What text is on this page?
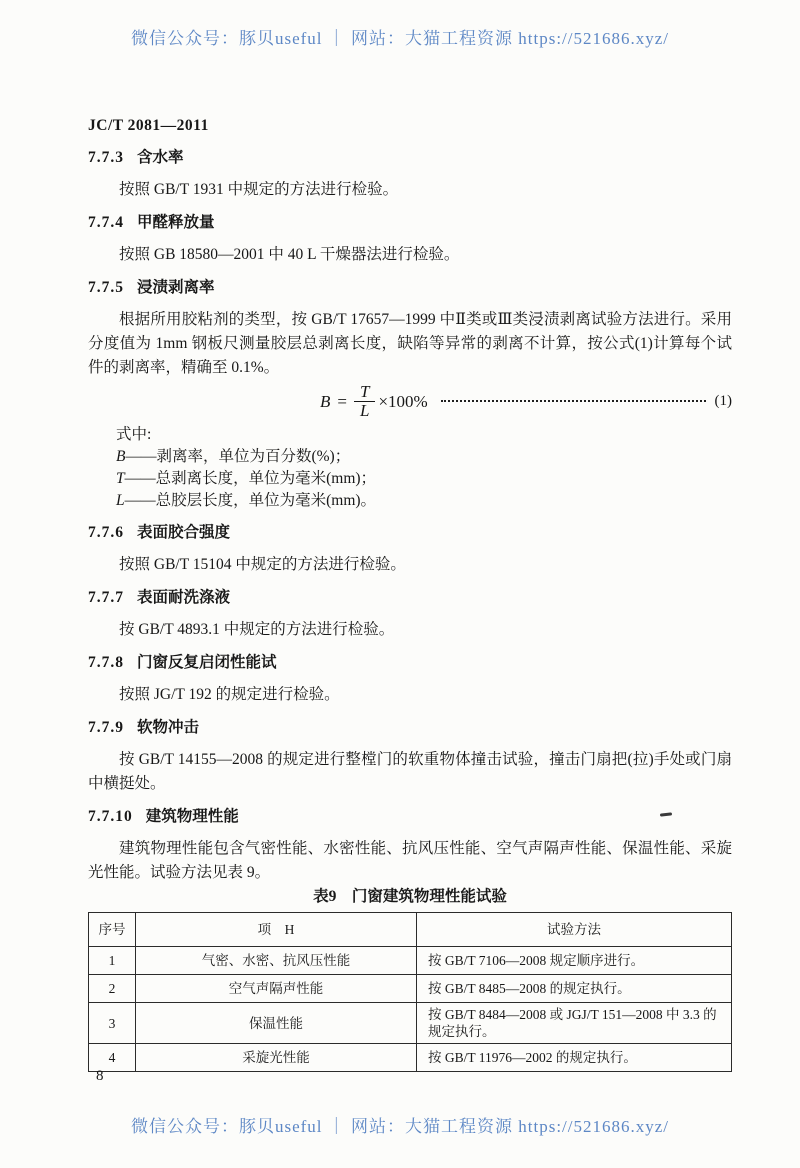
微信公众号：豚贝useful ｜ 网站：大猫工程资源 https://521686.xyz/
JC/T 2081—2011
7.7.3 含水率

按照 GB/T 1931 中规定的方法进行检验。

7.7.4 甲醛释放量

按照 GB 18580—2001 中 40 L 干燥器法进行检验。

7.7.5 浸渍剥离率

根据所用胶粘剂的类型，按 GB/T 17657—1999 中Ⅱ类或Ⅲ类浸渍剥离试验方法进行。采用分度值为 1mm 钢板尺测量胶层总剥离长度，缺陷等异常的剥离不计算，按公式(1)计算每个试件的剥离率，精确至 0.1%。

$B = \frac{T}{L} \times 100\%$	(1)

式中:

B——剥离率，单位为百分数(%)；

T——总剥离长度，单位为毫米(mm)；

L——总胶层长度，单位为毫米(mm)。

7.7.6 表面胶合强度

按照 GB/T 15104 中规定的方法进行检验。

7.7.7 表面耐洗涤液

按 GB/T 4893.1 中规定的方法进行检验。

7.7.8 门窗反复启闭性能试

按照 JG/T 192 的规定进行检验。

7.7.9 软物冲击

按 GB/T 14155—2008 的规定进行整樘门的软重物体撞击试验，撞击门扇把(拉)手处或门扇中横挺处。

7.7.10 建筑物理性能

建筑物理性能包含气密性能、水密性能、抗风压性能、空气声隔声性能、保温性能、采旋光性能。试验方法见表 9。

表9　门窗建筑物理性能试验
序号	项　H	试验方法
1	气密、水密、抗风压性能	按 GB/T 7106—2008 规定顺序进行。
2	空气声隔声性能	按 GB/T 8485—2008 的规定执行。
3	保温性能	按 GB/T 8484—2008 或 JGJ/T 151—2008 中 3.3 的规定执行。
4	采旋光性能	按 GB/T 11976—2002 的规定执行。
8
微信公众号：豚贝useful ｜ 网站：大猫工程资源 https://521686.xyz/
